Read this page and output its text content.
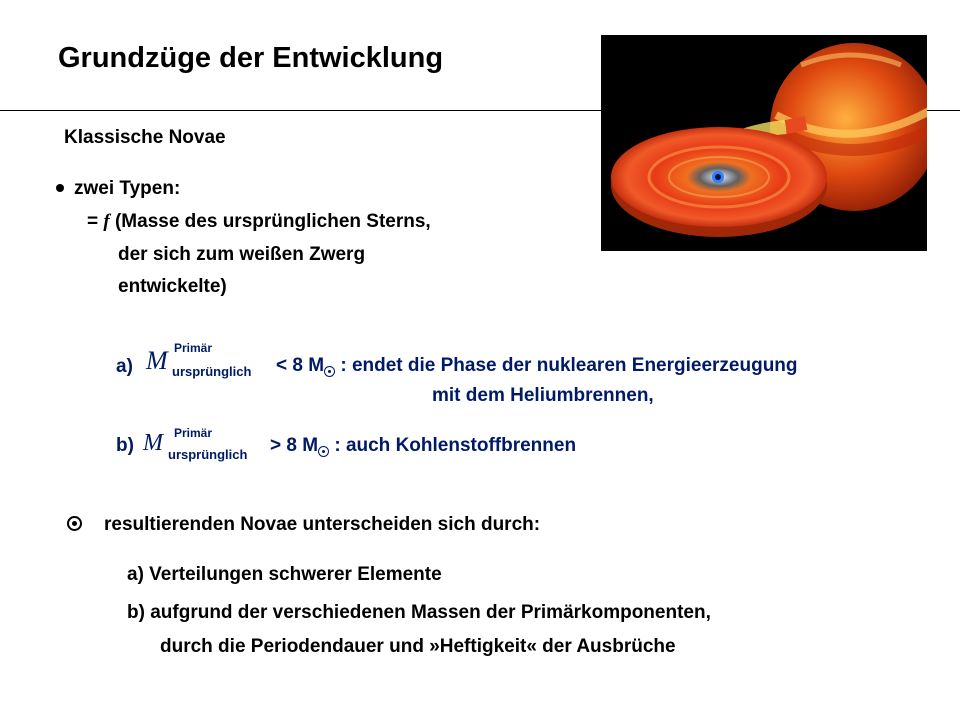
Grundzüge der Entwicklung
Klassische Novae
zwei Typen:
= f (Masse des ursprünglichen Sterns,
der sich zum weißen Zwerg
entwickelte)
a) M Primär
ursprünglich < 8 M : endet die Phase der nuklearen Energieerzeugung
mit dem Heliumbrennen,
b) M Primär
ursprünglich > 8 M : auch Kohlenstoffbrennen
resultierenden Novae unterscheiden sich durch:
a) Verteilungen schwerer Elemente
b) aufgrund der verschiedenen Massen der Primärkomponenten,
durch die Periodendauer und »Heftigkeit« der Ausbrüche
